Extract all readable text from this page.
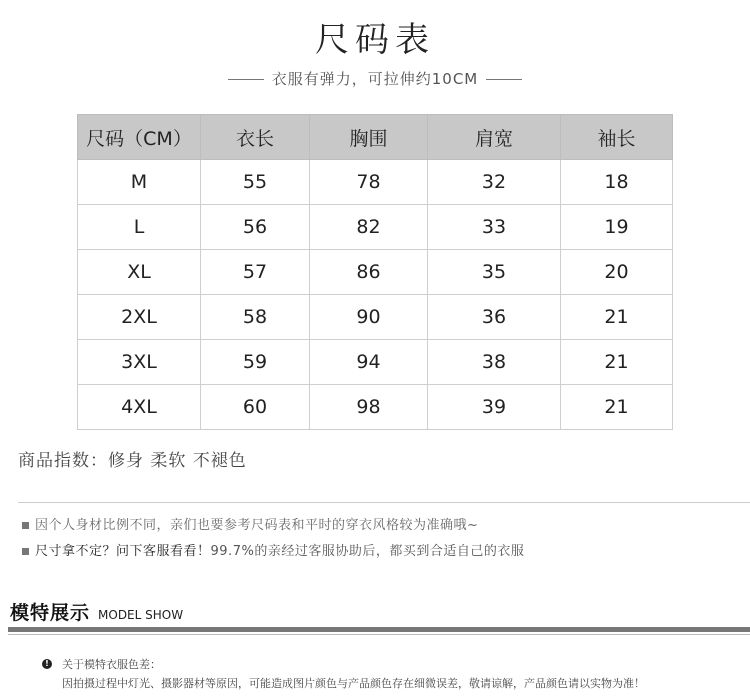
尺码表
衣服有弹力，可拉伸约10CM
尺码（CM）	衣长	胸围	肩宽	袖长
M	55	78	32	18
L	56	82	33	19
XL	57	86	35	20
2XL	58	90	36	21
3XL	59	94	38	21
4XL	60	98	39	21
商品指数：修身 柔软 不褪色
因个人身材比例不同，亲们也要参考尺码表和平时的穿衣风格较为准确哦~
尺寸拿不定？问下客服看看！99.7%的亲经过客服协助后，都买到合适自己的衣服
模特展示 MODEL SHOW
! 关于模特衣服色差：
因拍摄过程中灯光、摄影器材等原因，可能造成图片颜色与产品颜色存在细微误差，敬请谅解，产品颜色请以实物为准！
